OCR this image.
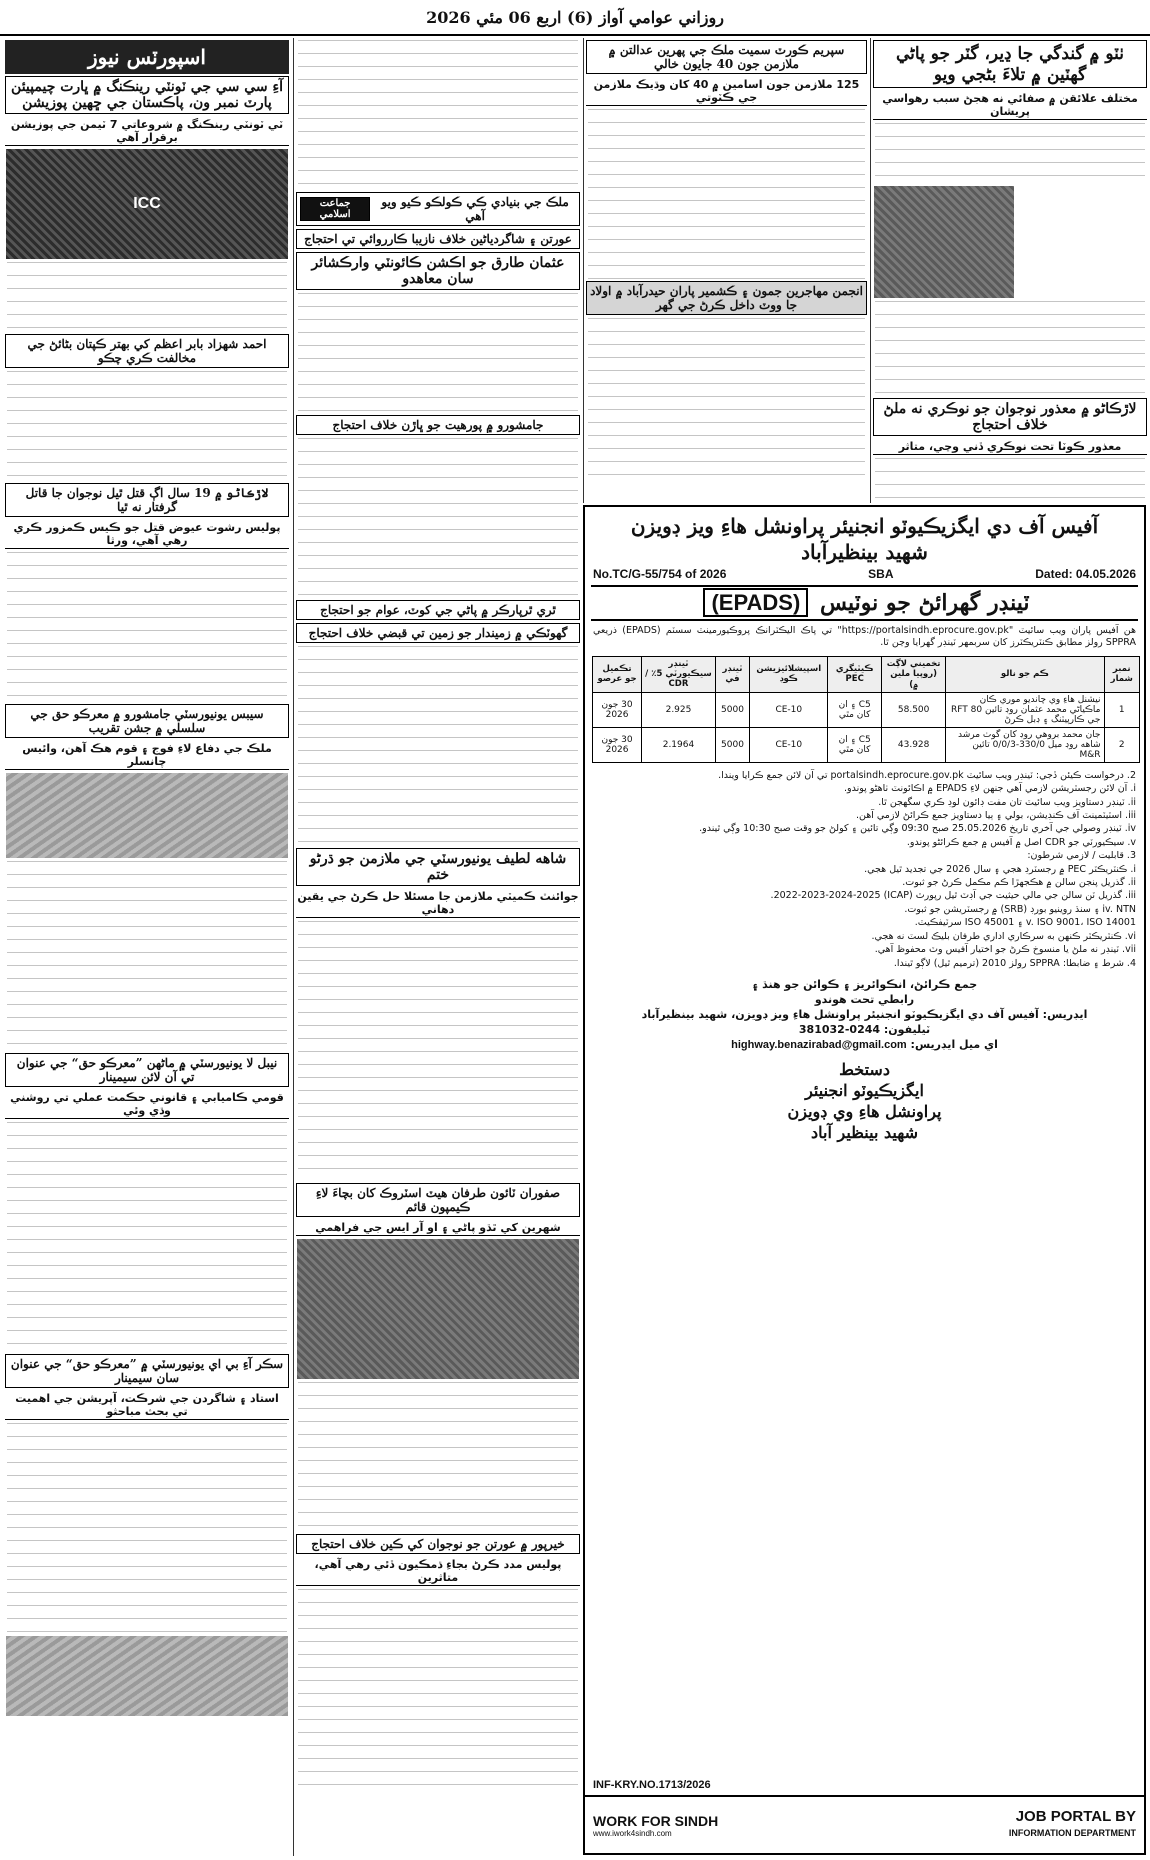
روزاني عوامي آواز (6) اربع 06 مئي 2026
ٺٽو ۾ گندگي جا ڍير، گٽر جو پاڻي گهٽين ۾ تلاءَ بڻجي ويو
مختلف علائقن ۾ صفائي نه هجڻ سبب رهواسي پريشان
لاڙڪاڻو ۾ معذور نوجوان جو نوڪري نه ملڻ خلاف احتجاج
معذور ڪوٽا تحت نوڪري ڏني وڃي، متاثر
سپريم ڪورٽ سميت ملڪ جي پهرين عدالتن ۾ ملازمن جون 40 جايون خالي
125 ملازمن جون اسامين ۾ 40 کان وڌيڪ ملازمن جي ڪٽوتي
انجمن مهاجرين جمون ۽ ڪشمير پاران حيدرآباد ۾ اولاد
جا ووٽ داخل ڪرڻ جي گهر
ملڪ جي بنيادي ڪي ڪولڪو ڪيو ويو آهي
جماعت اسلامي
عورتن ۽ شاگردياڻين خلاف نازيبا ڪارروائي تي احتجاج
عثمان طارق جو اڪشن ڪائونٽي وارڪشائر
سان معاهدو
جامشورو ۾ پورهيت جو ڀاڙن خلاف احتجاج
ٿري ٿرپارڪر ۾ پاڻي جي کوٽ، عوام جو احتجاج
گهوٽڪي ۾ زميندار جو زمين تي قبضي خلاف احتجاج
شاهه لطيف يونيورسٽي جي ملازمن جو ڌرڻو ختم
جوائنٽ ڪميٽي ملازمن جا مسئلا حل ڪرڻ جي يقين دهاني
صفوران ٽائون طرفان هيٽ اسٽروڪ کان بچاءَ لاءِ ڪيمپون قائم
شهرين کي ٿڌو پاڻي ۽ او آر ايس جي فراهمي
خيرپور ۾ عورتن جو نوجوان کي ڪين خلاف احتجاج
پوليس مدد ڪرڻ بجاءِ ڌمڪيون ڏئي رهي آهي، متاثرين
اسپورٽس نيوز
آءِ سي سي جي ٽونٽي رينڪنگ ۾ ڀارت چيمپيئن پارٽ نمبر ون، پاڪستان جي ڇهين پوزيشن
ٽي ٽونٽي رينڪنگ ۾ شروعاتي 7 ٽيمن جي پوزيشن برقرار آهي
ICC
احمد شهزاد بابر اعظم کي بهتر ڪپتان بڻائڻ جي مخالفت ڪري چڪو
لاڙڪاڻو ۾ 19 سال اڳ قتل ٿيل نوجوان جا قاتل گرفتار نه ٿيا
پوليس رشوت عيوض قتل جو ڪيس ڪمزور ڪري رهي آهي، ورثا
سيبس يونيورسٽي جامشورو ۾ معرڪو حق جي سلسلي ۾ جشن تقريب
ملڪ جي دفاع لاءِ فوج ۽ قوم هڪ آهن، وائيس چانسلر
نيبل لا يونيورسٽي ۾ ماڻهن ”معرڪو حق“ جي عنوان تي آن لائن سيمينار
قومي ڪاميابي ۽ قانوني حڪمت عملي تي روشني وڌي وئي
سڪر آءِ بي اي يونيورسٽي ۾ ”معرڪو حق“ جي عنوان سان سيمينار
استاد ۽ شاگردن جي شرڪت، آپريشن جي اهميت تي بحث مباحثو
آفيس آف دي ايگزيڪيوٽو انجنيئر پراونشل هاءِ ويز ڊويزن
شهيد بينظيرآباد
No.TC/G-55/754 of 2026	SBA	Dated: 04.05.2026
ٽينڊر گهرائڻ جو نوٽيس (EPADS)
هن آفيس پاران ويب سائيٽ "https://portalsindh.eprocure.gov.pk" تي پاڪ اليڪٽرانڪ پروڪيورمينٽ سسٽم (EPADS) ذريعي SPPRA رولز مطابق ڪنٽريڪٽرز کان سربمهر ٽينڊر گهرايا وڃن ٿا.
نمبر شمار	ڪم جو نالو	تخميني لاڳت (روپيا ملين ۾)	ڪيٽيگري PEC	اسپيشلائيزيشن ڪوڊ	ٽينڊر في	ٽينڊر سيڪيورٽي 5٪ / CDR	تڪميل جو عرصو
1	نيشنل هاءِ وي چانديو موري ڪان ماڪياڻي محمد عثمان روڊ تائين 80 RFT جي ڪارپيٽنگ ۽ ڊبل ڪرڻ	58.500	C5 ۽ ان کان مٿي	CE-10	5000	2.925	30 جون 2026
2	جان محمد بروهي روڊ کان گوٺ مرشد شاهه روڊ ميل 330/0-0/0/3 تائين M&R	43.928	C5 ۽ ان کان مٿي	CE-10	5000	2.1964	30 جون 2026
2. درخواست ڪيئن ڏجي: ٽينڊر ويب سائيٽ portalsindh.eprocure.gov.pk تي آن لائن جمع ڪرايا ويندا.
i. آن لائن رجسٽريشن لازمي آهي جنهن لاءِ EPADS ۾ اڪائونٽ ٺاهڻو پوندو.
ii. ٽينڊر دستاويز ويب سائيٽ تان مفت ڊائون لوڊ ڪري سگهجن ٿا.
iii. اسٽيٽمينٽ آف ڪنڊيشن، بولي ۽ ٻيا دستاويز جمع ڪرائڻ لازمي آهن.
iv. ٽينڊر وصولي جي آخري تاريخ 25.05.2026 صبح 09:30 وڳي تائين ۽ کولڻ جو وقت صبح 10:30 وڳي ٿيندو.
v. سيڪيورٽي جو CDR اصل ۾ آفيس ۾ جمع ڪرائڻو پوندو.
3. قابليت / لازمي شرطون:
i. ڪنٽريڪٽر PEC ۾ رجسٽرڊ هجي ۽ سال 2026 جي تجديد ٿيل هجي.
ii. گذريل پنجن سالن ۾ هڪجهڙا ڪم مڪمل ڪرڻ جو ثبوت.
iii. گذريل ٽن سالن جي مالي حيثيت جي آڊٽ ٿيل رپورٽ (ICAP) 2022-2023-2024-2025.
iv. NTN ۽ سنڌ روينيو بورڊ (SRB) ۾ رجسٽريشن جو ثبوت.
v. ISO 9001، ISO 14001 ۽ ISO 45001 سرٽيفڪيٽ.
vi. ڪنٽريڪٽر ڪنهن به سرڪاري اداري طرفان بليڪ لسٽ نه هجي.
vii. ٽينڊر نه ملڻ يا منسوخ ڪرڻ جو اختيار آفيس وٽ محفوظ آهي.
4. شرط ۽ ضابطا: SPPRA رولز 2010 (ترميم ٿيل) لاڳو ٿيندا.
جمع ڪرائڻ، انڪوائريز ۽ ڪوائن جو هنڌ ۽
رابطي تحت هوندو
ايڊريس: آفيس آف دي ايگزيڪيوٽو انجنيئر پراونشل هاءِ ويز ڊويزن، شهيد بينظيرآباد
ٽيليفون: 0244-381032
اي ميل ايڊريس: highway.benazirabad@gmail.com
دستخط
ايگزيڪيوٽو انجنيئر
پراونشل هاءِ وي ڊويزن
شهيد بينظير آباد
INF-KRY.NO.1713/2026
WORK FOR SINDH
www.iwork4sindh.com
JOB PORTAL BY
INFORMATION DEPARTMENT
